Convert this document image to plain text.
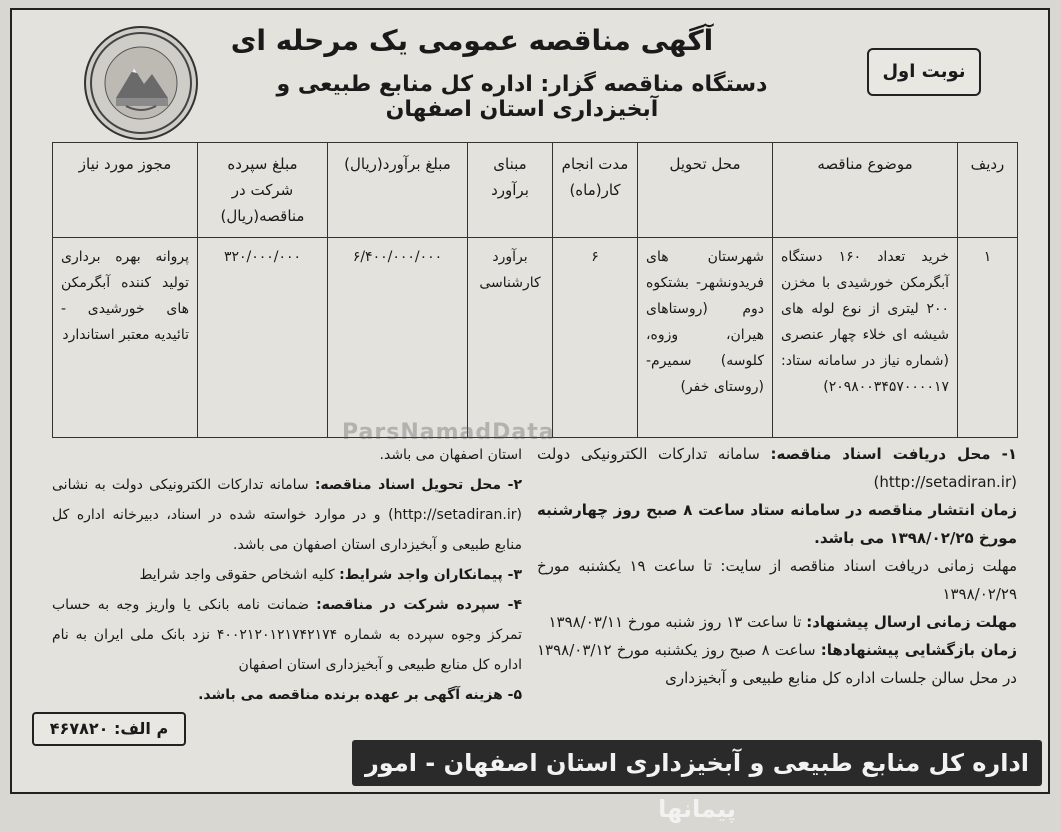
آگهی مناقصه عمومی یک مرحله ای
دستگاه مناقصه گزار: اداره کل منابع طبیعی و آبخیزداری استان اصفهان
نوبت اول
ردیف	موضوع مناقصه	محل تحویل	مدت انجام کار(ماه)	مبنای برآورد	مبلغ برآورد(ریال)	مبلغ سپرده شرکت در مناقصه(ریال)	مجوز مورد نیاز
۱	خرید تعداد ۱۶۰ دستگاه آبگرمکن خورشیدی با مخزن ۲۰۰ لیتری از نوع لوله های شیشه ای خلاء چهار عنصری (شماره نیاز در سامانه ستاد: ۲۰۹۸۰۰۳۴۵۷۰۰۰۰۱۷)	شهرستان های فریدونشهر- بشتکوه دوم (روستاهای هیران، وزوه، کلوسه) سمیرم- (روستای خفر)	۶	برآورد کارشناسی	۶/۴۰۰/۰۰۰/۰۰۰	۳۲۰/۰۰۰/۰۰۰	پروانه بهره برداری تولید کننده آبگرمکن های خورشیدی - تائیدیه معتبر استاندارد
ParsNamadData

۱- محل دریافت اسناد مناقصه: سامانه تدارکات الکترونیکی دولت (http://setadiran.ir)

زمان انتشار مناقصه در سامانه ستاد ساعت ۸ صبح روز چهارشنبه مورخ ۱۳۹۸/۰۲/۲۵ می باشد.

مهلت زمانی دریافت اسناد مناقصه از سایت: تا ساعت ۱۹ یکشنبه مورخ ۱۳۹۸/۰۲/۲۹

مهلت زمانی ارسال پیشنهاد: تا ساعت ۱۳ روز شنبه مورخ ۱۳۹۸/۰۳/۱۱

زمان بازگشایی پیشنهادها: ساعت ۸ صبح روز یکشنبه مورخ ۱۳۹۸/۰۳/۱۲ در محل سالن جلسات اداره کل منابع طبیعی و آبخیزداری

استان اصفهان می باشد.

۲- محل تحویل اسناد مناقصه: سامانه تدارکات الکترونیکی دولت به نشانی (http://setadiran.ir) و در موارد خواسته شده در اسناد، دبیرخانه اداره کل منابع طبیعی و آبخیزداری استان اصفهان می باشد.

۳- پیمانکاران واجد شرایط: کلیه اشخاص حقوقی واجد شرایط

۴- سپرده شرکت در مناقصه: ضمانت نامه بانکی یا واریز وجه به حساب تمرکز وجوه سپرده به شماره ۴۰۰۲۱۲۰۱۲۱۷۴۲۱۷۴ نزد بانک ملی ایران به نام اداره کل منابع طبیعی و آبخیزداری استان اصفهان

۵- هزینه آگهی بر عهده برنده مناقصه می باشد.

م الف: ۴۶۷۸۲۰
اداره کل منابع طبیعی و آبخیزداری استان اصفهان - امور پیمانها
